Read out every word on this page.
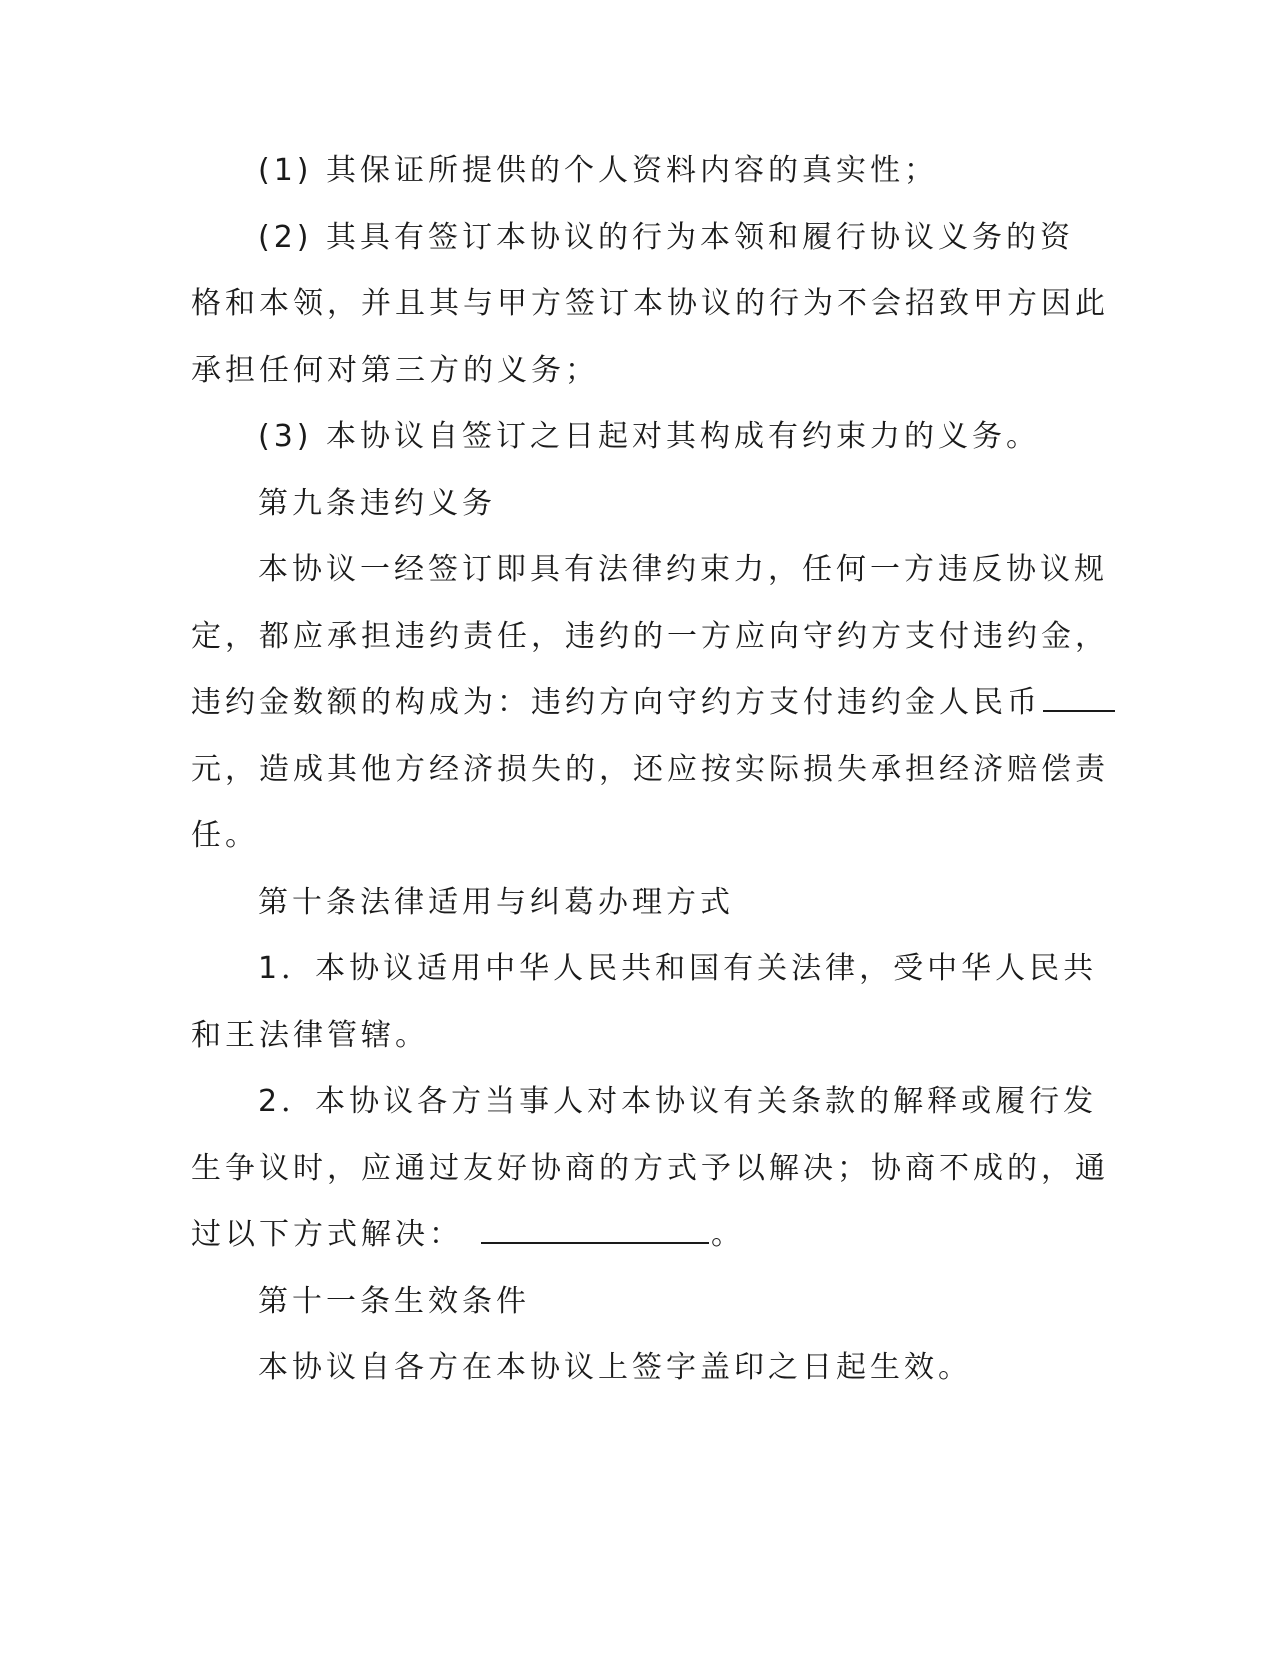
(1) 其保证所提供的个人资料内容的真实性；

(2) 其具有签订本协议的行为本领和履行协议义务的资

格和本领，并且其与甲方签订本协议的行为不会招致甲方因此

承担任何对第三方的义务；

(3) 本协议自签订之日起对其构成有约束力的义务。

第九条违约义务

本协议一经签订即具有法律约束力，任何一方违反协议规

定，都应承担违约责任，违约的一方应向守约方支付违约金，

违约金数额的构成为：违约方向守约方支付违约金人民币

元，造成其他方经济损失的，还应按实际损失承担经济赔偿责

任。

第十条法律适用与纠葛办理方式

1．本协议适用中华人民共和国有关法律，受中华人民共

和王法律管辖。

2．本协议各方当事人对本协议有关条款的解释或履行发

生争议时，应通过友好协商的方式予以解决；协商不成的，通

过以下方式解决：	。

第十一条生效条件

本协议自各方在本协议上签字盖印之日起生效。
